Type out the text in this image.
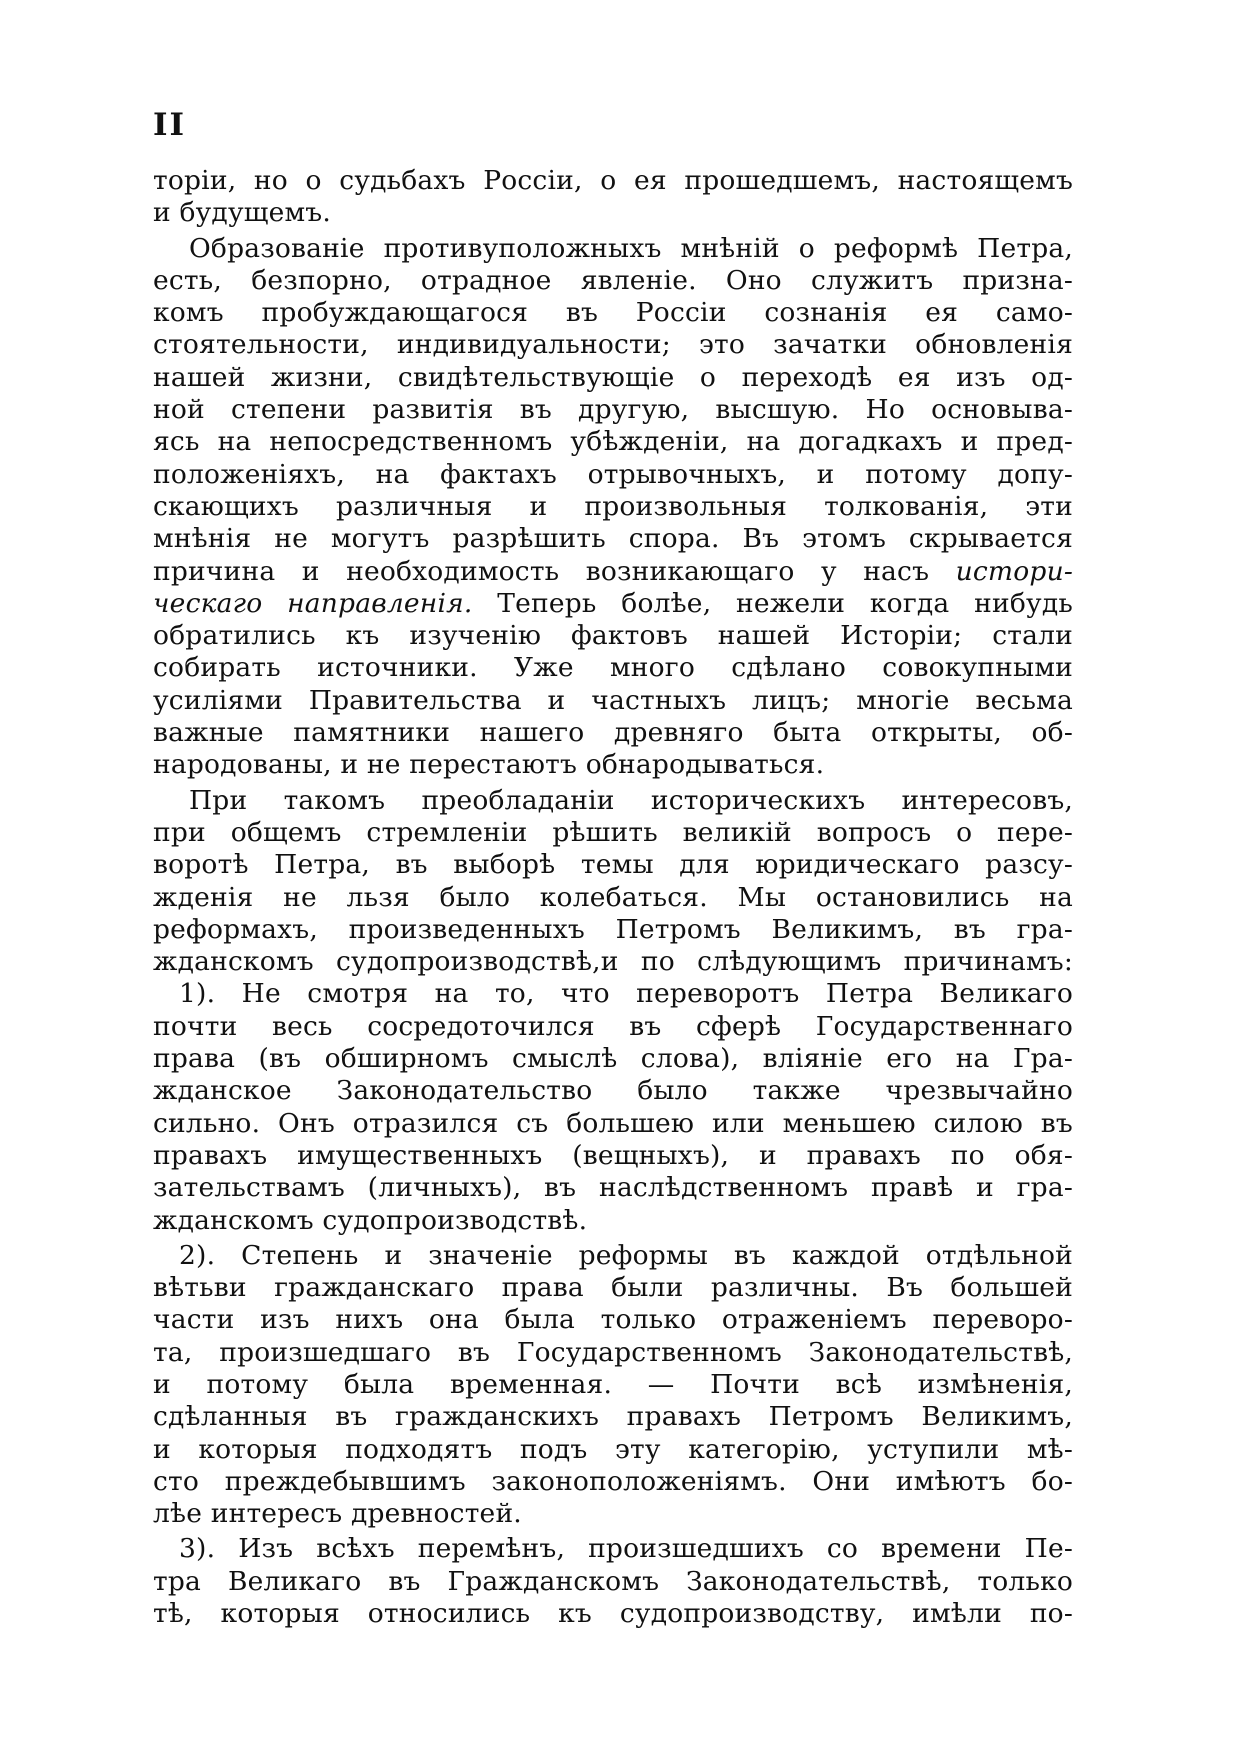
II
торіи, но о судьбахъ Россіи, о ея прошедшемъ, настоящемъ
и будущемъ.
Образованіе противуположныхъ мнѣній о реформѣ Петра,
есть, безпорно, отрадное явленіе. Оно служитъ призна-
комъ пробуждающагося въ Россіи сознанія ея само-
стоятельности, индивидуальности; это зачатки обновленія
нашей жизни, свидѣтельствующіе о переходѣ ея изъ од-
ной степени развитія въ другую, высшую. Но основыва-
ясь на непосредственномъ убѣжденіи, на догадкахъ и пред-
положеніяхъ, на фактахъ отрывочныхъ, и потому допу-
скающихъ различныя и произвольныя толкованія, эти
мнѣнія не могутъ разрѣшить спора. Въ этомъ скрывается
причина и необходимость возникающаго у насъ истори-
ческаго направленія. Теперь болѣе, нежели когда нибудь
обратились къ изученію фактовъ нашей Исторіи; стали
собирать источники. Уже много сдѣлано совокупными
усиліями Правительства и частныхъ лицъ; многіе весьма
важные памятники нашего древняго быта открыты, об-
народованы, и не перестаютъ обнародываться.
При такомъ преобладаніи историческихъ интересовъ,
при общемъ стремленіи рѣшить великій вопросъ о пере-
воротѣ Петра, въ выборѣ темы для юридическаго разсу-
жденія не льзя было колебаться. Мы остановились на
реформахъ, произведенныхъ Петромъ Великимъ, въ гра-
жданскомъ судопроизводствѣ,и по слѣдующимъ причинамъ:
1). Не смотря на то, что переворотъ Петра Великаго
почти весь сосредоточился въ сферѣ Государственнаго
права (въ обширномъ смыслѣ слова), вліяніе его на Гра-
жданское Законодательство было также чрезвычайно
сильно. Онъ отразился съ большею или меньшею силою въ
правахъ имущественныхъ (вещныхъ), и правахъ по обя-
зательствамъ (личныхъ), въ наслѣдственномъ правѣ и гра-
жданскомъ судопроизводствѣ.
2). Степень и значеніе реформы въ каждой отдѣльной
вѣтьви гражданскаго права были различны. Въ большей
части изъ нихъ она была только отраженіемъ переворо-
та, произшедшаго въ Государственномъ Законодательствѣ,
и потому была временная. — Почти всѣ измѣненія,
сдѣланныя въ гражданскихъ правахъ Петромъ Великимъ,
и которыя подходятъ подъ эту категорію, уступили мѣ-
сто преждебывшимъ законоположеніямъ. Они имѣютъ бо-
лѣе интересъ древностей.
3). Изъ всѣхъ перемѣнъ, произшедшихъ со времени Пе-
тра Великаго въ Гражданскомъ Законодательствѣ, только
тѣ, которыя относились къ судопроизводству, имѣли по-
